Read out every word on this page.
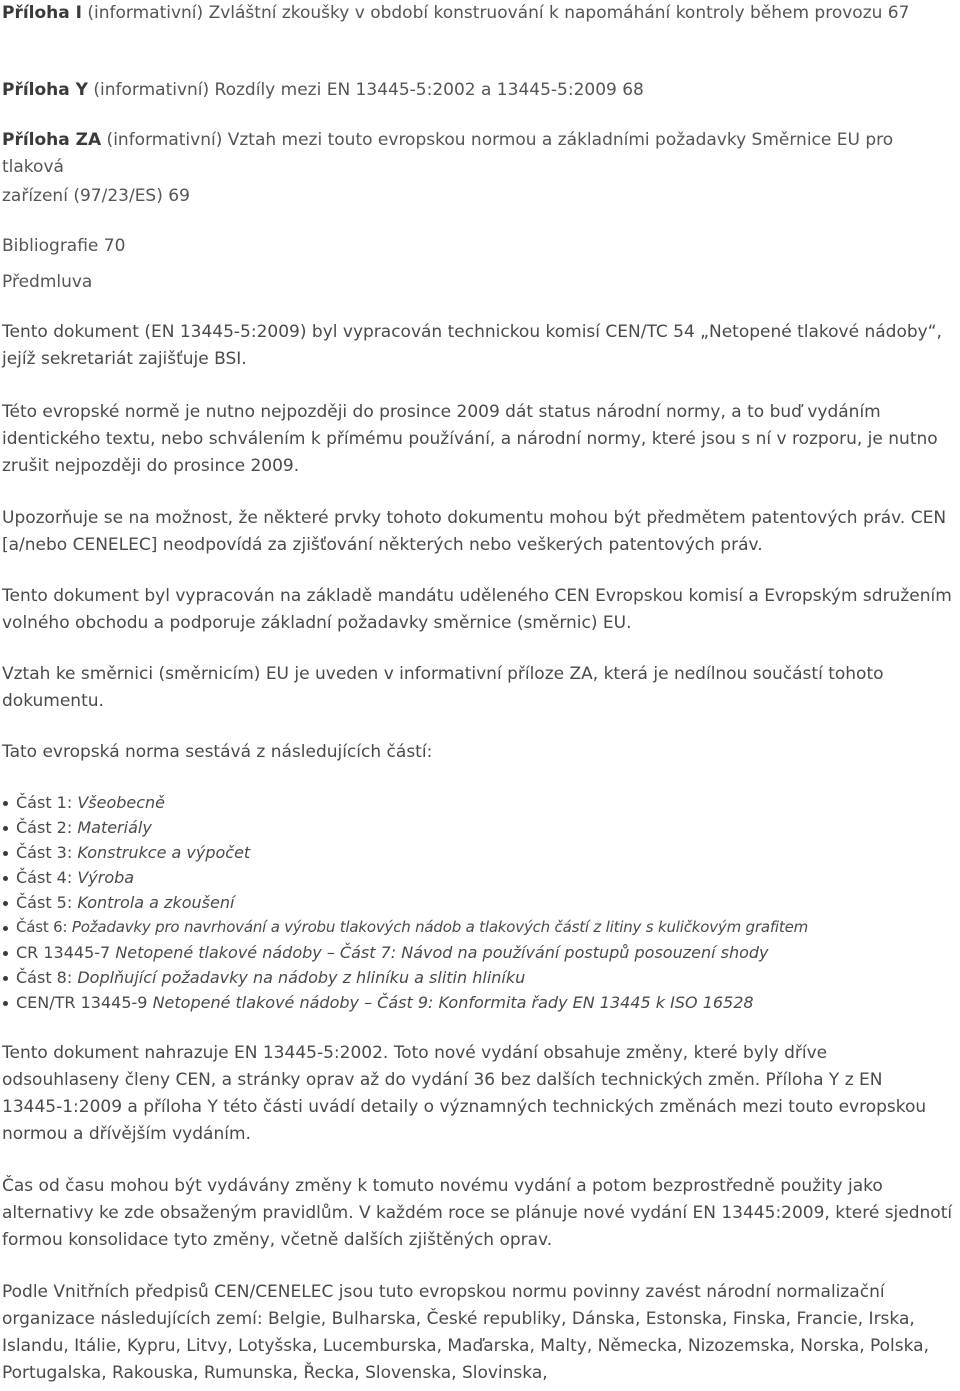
Příloha I (informativní) Zvláštní zkoušky v období konstruování k napomáhání kontroly během provozu 67

Příloha Y (informativní) Rozdíly mezi EN 13445-5:2002 a 13445-5:2009 68

Příloha ZA (informativní) Vztah mezi touto evropskou normou a základními požadavky Směrnice EU pro tlaková

zařízení (97/23/ES) 69

Bibliografie 70

Předmluva

Tento dokument (EN 13445-5:2009) byl vypracován technickou komisí CEN/TC 54 „Netopené tlakové nádoby“, jejíž sekretariát zajišťuje BSI.

Této evropské normě je nutno nejpozději do prosince 2009 dát status národní normy, a to buď vydáním identického textu, nebo schválením k přímému používání, a národní normy, které jsou s ní v rozporu, je nutno zrušit nejpozději do prosince 2009.

Upozorňuje se na možnost, že některé prvky tohoto dokumentu mohou být předmětem patentových práv. CEN [a/nebo CENELEC] neodpovídá za zjišťování některých nebo veškerých patentových práv.

Tento dokument byl vypracován na základě mandátu uděleného CEN Evropskou komisí a Evropským sdružením volného obchodu a podporuje základní požadavky směrnice (směrnic) EU.

Vztah ke směrnici (směrnicím) EU je uveden v informativní příloze ZA, která je nedílnou součástí tohoto dokumentu.

Tato evropská norma sestává z následujících částí:

Část 1: Všeobecně
Část 2: Materiály
Část 3: Konstrukce a výpočet
Část 4: Výroba
Část 5: Kontrola a zkoušení
Část 6: Požadavky pro navrhování a výrobu tlakových nádob a tlakových částí z litiny s kuličkovým grafitem
CR 13445-7 Netopené tlakové nádoby – Část 7: Návod na používání postupů posouzení shody
Část 8: Doplňující požadavky na nádoby z hliníku a slitin hliníku
CEN/TR 13445-9 Netopené tlakové nádoby – Část 9: Konformita řady EN 13445 k ISO 16528

Tento dokument nahrazuje EN 13445-5:2002. Toto nové vydání obsahuje změny, které byly dříve odsouhlaseny členy CEN, a stránky oprav až do vydání 36 bez dalších technických změn. Příloha Y z EN 13445-1:2009 a příloha Y této části uvádí detaily o významných technických změnách mezi touto evropskou normou a dřívějším vydáním.

Čas od času mohou být vydávány změny k tomuto novému vydání a potom bezprostředně použity jako alternativy ke zde obsaženým pravidlům. V každém roce se plánuje nové vydání EN 13445:2009, které sjednotí formou konsolidace tyto změny, včetně dalších zjištěných oprav.

Podle Vnitřních předpisů CEN/CENELEC jsou tuto evropskou normu povinny zavést národní normalizační organizace následujících zemí: Belgie, Bulharska, České republiky, Dánska, Estonska, Finska, Francie, Irska, Islandu, Itálie, Kypru, Litvy, Lotyšska, Lucemburska, Maďarska, Malty, Německa, Nizozemska, Norska, Polska, Portugalska, Rakouska, Rumunska, Řecka, Slovenska, Slovinska,
